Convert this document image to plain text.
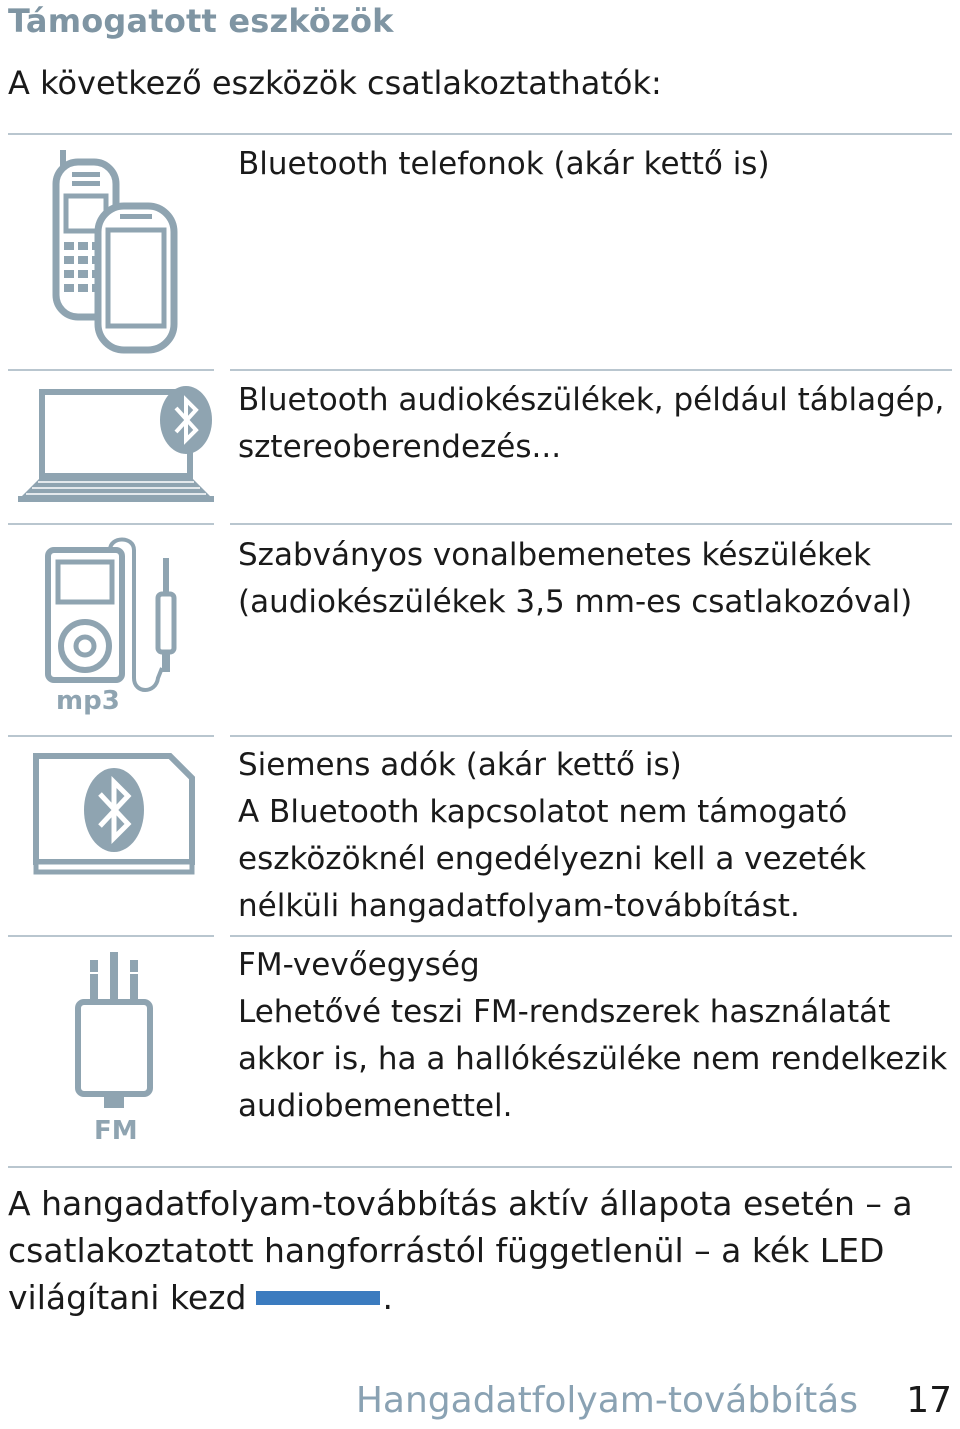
Támogatott eszközök
A következő eszközök csatlakoztathatók:
Bluetooth telefonok (akár kettő is)
Bluetooth audiokészülékek, például táblagép,
sztereoberendezés...
mp3
Szabványos vonalbemenetes készülékek
(audiokészülékek 3,5 mm-es csatlakozóval)
Siemens adók (akár kettő is)
A Bluetooth kapcsolatot nem támogató
eszközöknél engedélyezni kell a vezeték
nélküli hangadatfolyam-továbbítást.
FM
FM-vevőegység
Lehetővé teszi FM-rendszerek használatát
akkor is, ha a hallókészüléke nem rendelkezik
audiobemenettel.
A hangadatfolyam-továbbítás aktív állapota esetén – a
csatlakoztatott hangforrástól függetlenül – a kék LED
világítani kezd	.
Hangadatfolyam-továbbítás 17
